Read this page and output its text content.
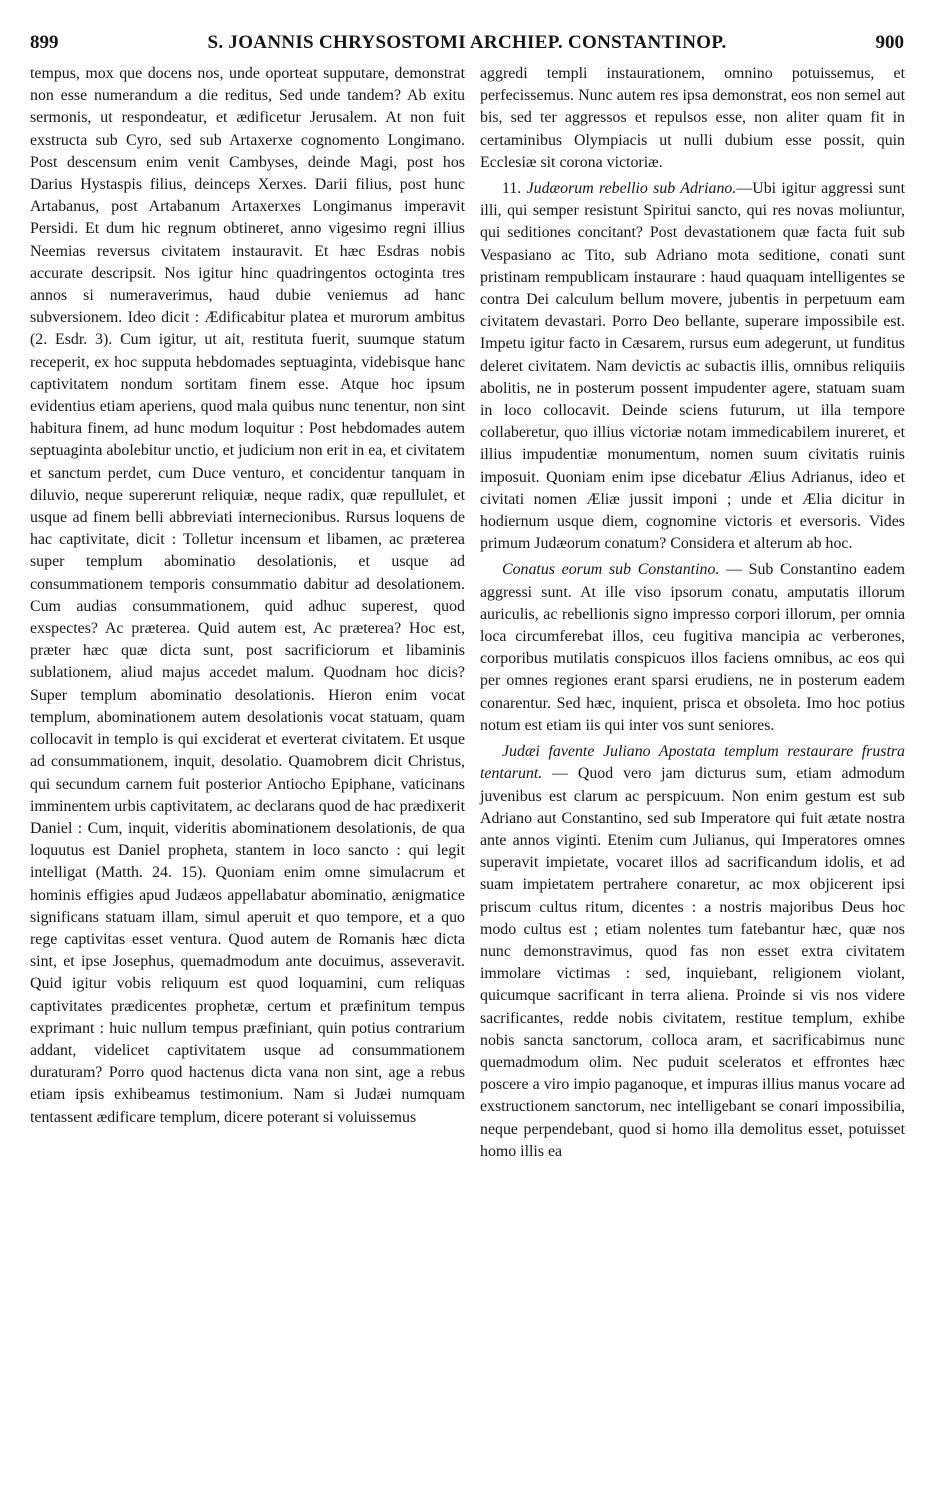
899	S. JOANNIS CHRYSOSTOMI ARCHIEP. CONSTANTINOP.	900

tempus, mox que docens nos, unde oporteat supputare, demonstrat non esse numerandum a die reditus, Sed unde tandem? Ab exitu sermonis, ut respondeatur, et ædificetur Jerusalem. At non fuit exstructa sub Cyro, sed sub Artaxerxe cognomento Longimano. Post descensum enim venit Cambyses, deinde Magi, post hos Darius Hystaspis filius, deinceps Xerxes. Darii filius, post hunc Artabanus, post Artabanum Artaxerxes Longimanus imperavit Persidi. Et dum hic regnum obtineret, anno vigesimo regni illius Neemias reversus civitatem instauravit. Et hæc Esdras nobis accurate descripsit. Nos igitur hinc quadringentos octoginta tres annos si numeraverimus, haud dubie veniemus ad hanc subversionem. Ideo dicit : Ædificabitur platea et murorum ambitus (2. Esdr. 3). Cum igitur, ut ait, restituta fuerit, suumque statum receperit, ex hoc supputa hebdomades septuaginta, videbisque hanc captivitatem nondum sortitam finem esse. Atque hoc ipsum evidentius etiam aperiens, quod mala quibus nunc tenentur, non sint habitura finem, ad hunc modum loquitur : Post hebdomades autem septuaginta abolebitur unctio, et judicium non erit in ea, et civitatem et sanctum perdet, cum Duce venturo, et concidentur tanquam in diluvio, neque supererunt reliquiæ, neque radix, quæ repullulet, et usque ad finem belli abbreviati internecionibus. Rursus loquens de hac captivitate, dicit : Tolletur incensum et libamen, ac præterea super templum abominatio desolationis, et usque ad consummationem temporis consummatio dabitur ad desolationem. Cum audias consummationem, quid adhuc superest, quod exspectes? Ac præterea. Quid autem est, Ac præterea? Hoc est, præter hæc quæ dicta sunt, post sacrificiorum et libaminis sublationem, aliud majus accedet malum. Quodnam hoc dicis? Super templum abominatio desolationis. Hieron enim vocat templum, abominationem autem desolationis vocat statuam, quam collocavit in templo is qui exciderat et everterat civitatem. Et usque ad consummationem, inquit, desolatio. Quamobrem dicit Christus, qui secundum carnem fuit posterior Antiocho Epiphane, vaticinans imminentem urbis captivitatem, ac declarans quod de hac prædixerit Daniel : Cum, inquit, videritis abominationem desolationis, de qua loquutus est Daniel propheta, stantem in loco sancto : qui legit intelligat (Matth. 24. 15). Quoniam enim omne simulacrum et hominis effigies apud Judæos appellabatur abominatio, ænigmatice significans statuam illam, simul aperuit et quo tempore, et a quo rege captivitas esset ventura. Quod autem de Romanis hæc dicta sint, et ipse Josephus, quemadmodum ante docuimus, asseveravit. Quid igitur vobis reliquum est quod loquamini, cum reliquas captivitates prædicentes prophetæ, certum et præfinitum tempus exprimant : huic nullum tempus præfiniant, quin potius contrarium addant, videlicet captivitatem usque ad consummationem duraturam? Porro quod hactenus dicta vana non sint, age a rebus etiam ipsis exhibeamus testimonium. Nam si Judæi numquam tentassent ædificare templum, dicere poterant si voluissemus

aggredi templi instaurationem, omnino potuissemus, et perfecissemus. Nunc autem res ipsa demonstrat, eos non semel aut bis, sed ter aggressos et repulsos esse, non aliter quam fit in certaminibus Olympiacis ut nulli dubium esse possit, quin Ecclesiæ sit corona victoriæ.

11. Judæorum rebellio sub Adriano.—Ubi igitur aggressi sunt illi, qui semper resistunt Spiritui sancto, qui res novas moliuntur, qui seditiones concitant? Post devastationem quæ facta fuit sub Vespasiano ac Tito, sub Adriano mota seditione, conati sunt pristinam rempublicam instaurare : haud quaquam intelligentes se contra Dei calculum bellum movere, jubentis in perpetuum eam civitatem devastari. Porro Deo bellante, superare impossibile est. Impetu igitur facto in Cæsarem, rursus eum adegerunt, ut funditus deleret civitatem. Nam devictis ac subactis illis, omnibus reliquiis abolitis, ne in posterum possent impudenter agere, statuam suam in loco collocavit. Deinde sciens futurum, ut illa tempore collaberetur, quo illius victoriæ notam immedicabilem inureret, et illius impudentiæ monumentum, nomen suum civitatis ruinis imposuit. Quoniam enim ipse dicebatur Ælius Adrianus, ideo et civitati nomen Æliæ jussit imponi ; unde et Ælia dicitur in hodiernum usque diem, cognomine victoris et eversoris. Vides primum Judæorum conatum? Considera et alterum ab hoc.

Conatus eorum sub Constantino. — Sub Constantino eadem aggressi sunt. At ille viso ipsorum conatu, amputatis illorum auriculis, ac rebellionis signo impresso corpori illorum, per omnia loca circumferebat illos, ceu fugitiva mancipia ac verberones, corporibus mutilatis conspicuos illos faciens omnibus, ac eos qui per omnes regiones erant sparsi erudiens, ne in posterum eadem conarentur. Sed hæc, inquient, prisca et obsoleta. Imo hoc potius notum est etiam iis qui inter vos sunt seniores.

Judæi favente Juliano Apostata templum restaurare frustra tentarunt. — Quod vero jam dicturus sum, etiam admodum juvenibus est clarum ac perspicuum. Non enim gestum est sub Adriano aut Constantino, sed sub Imperatore qui fuit ætate nostra ante annos viginti. Etenim cum Julianus, qui Imperatores omnes superavit impietate, vocaret illos ad sacrificandum idolis, et ad suam impietatem pertrahere conaretur, ac mox objicerent ipsi priscum cultus ritum, dicentes : a nostris majoribus Deus hoc modo cultus est ; etiam nolentes tum fatebantur hæc, quæ nos nunc demonstravimus, quod fas non esset extra civitatem immolare victimas : sed, inquiebant, religionem violant, quicumque sacrificant in terra aliena. Proinde si vis nos videre sacrificantes, redde nobis civitatem, restitue templum, exhibe nobis sancta sanctorum, colloca aram, et sacrificabimus nunc quemadmodum olim. Nec puduit sceleratos et effrontes hæc poscere a viro impio paganoque, et impuras illius manus vocare ad exstructionem sanctorum, nec intelligebant se conari impossibilia, neque perpendebant, quod si homo illa demolitus esset, potuisset homo illis ea
